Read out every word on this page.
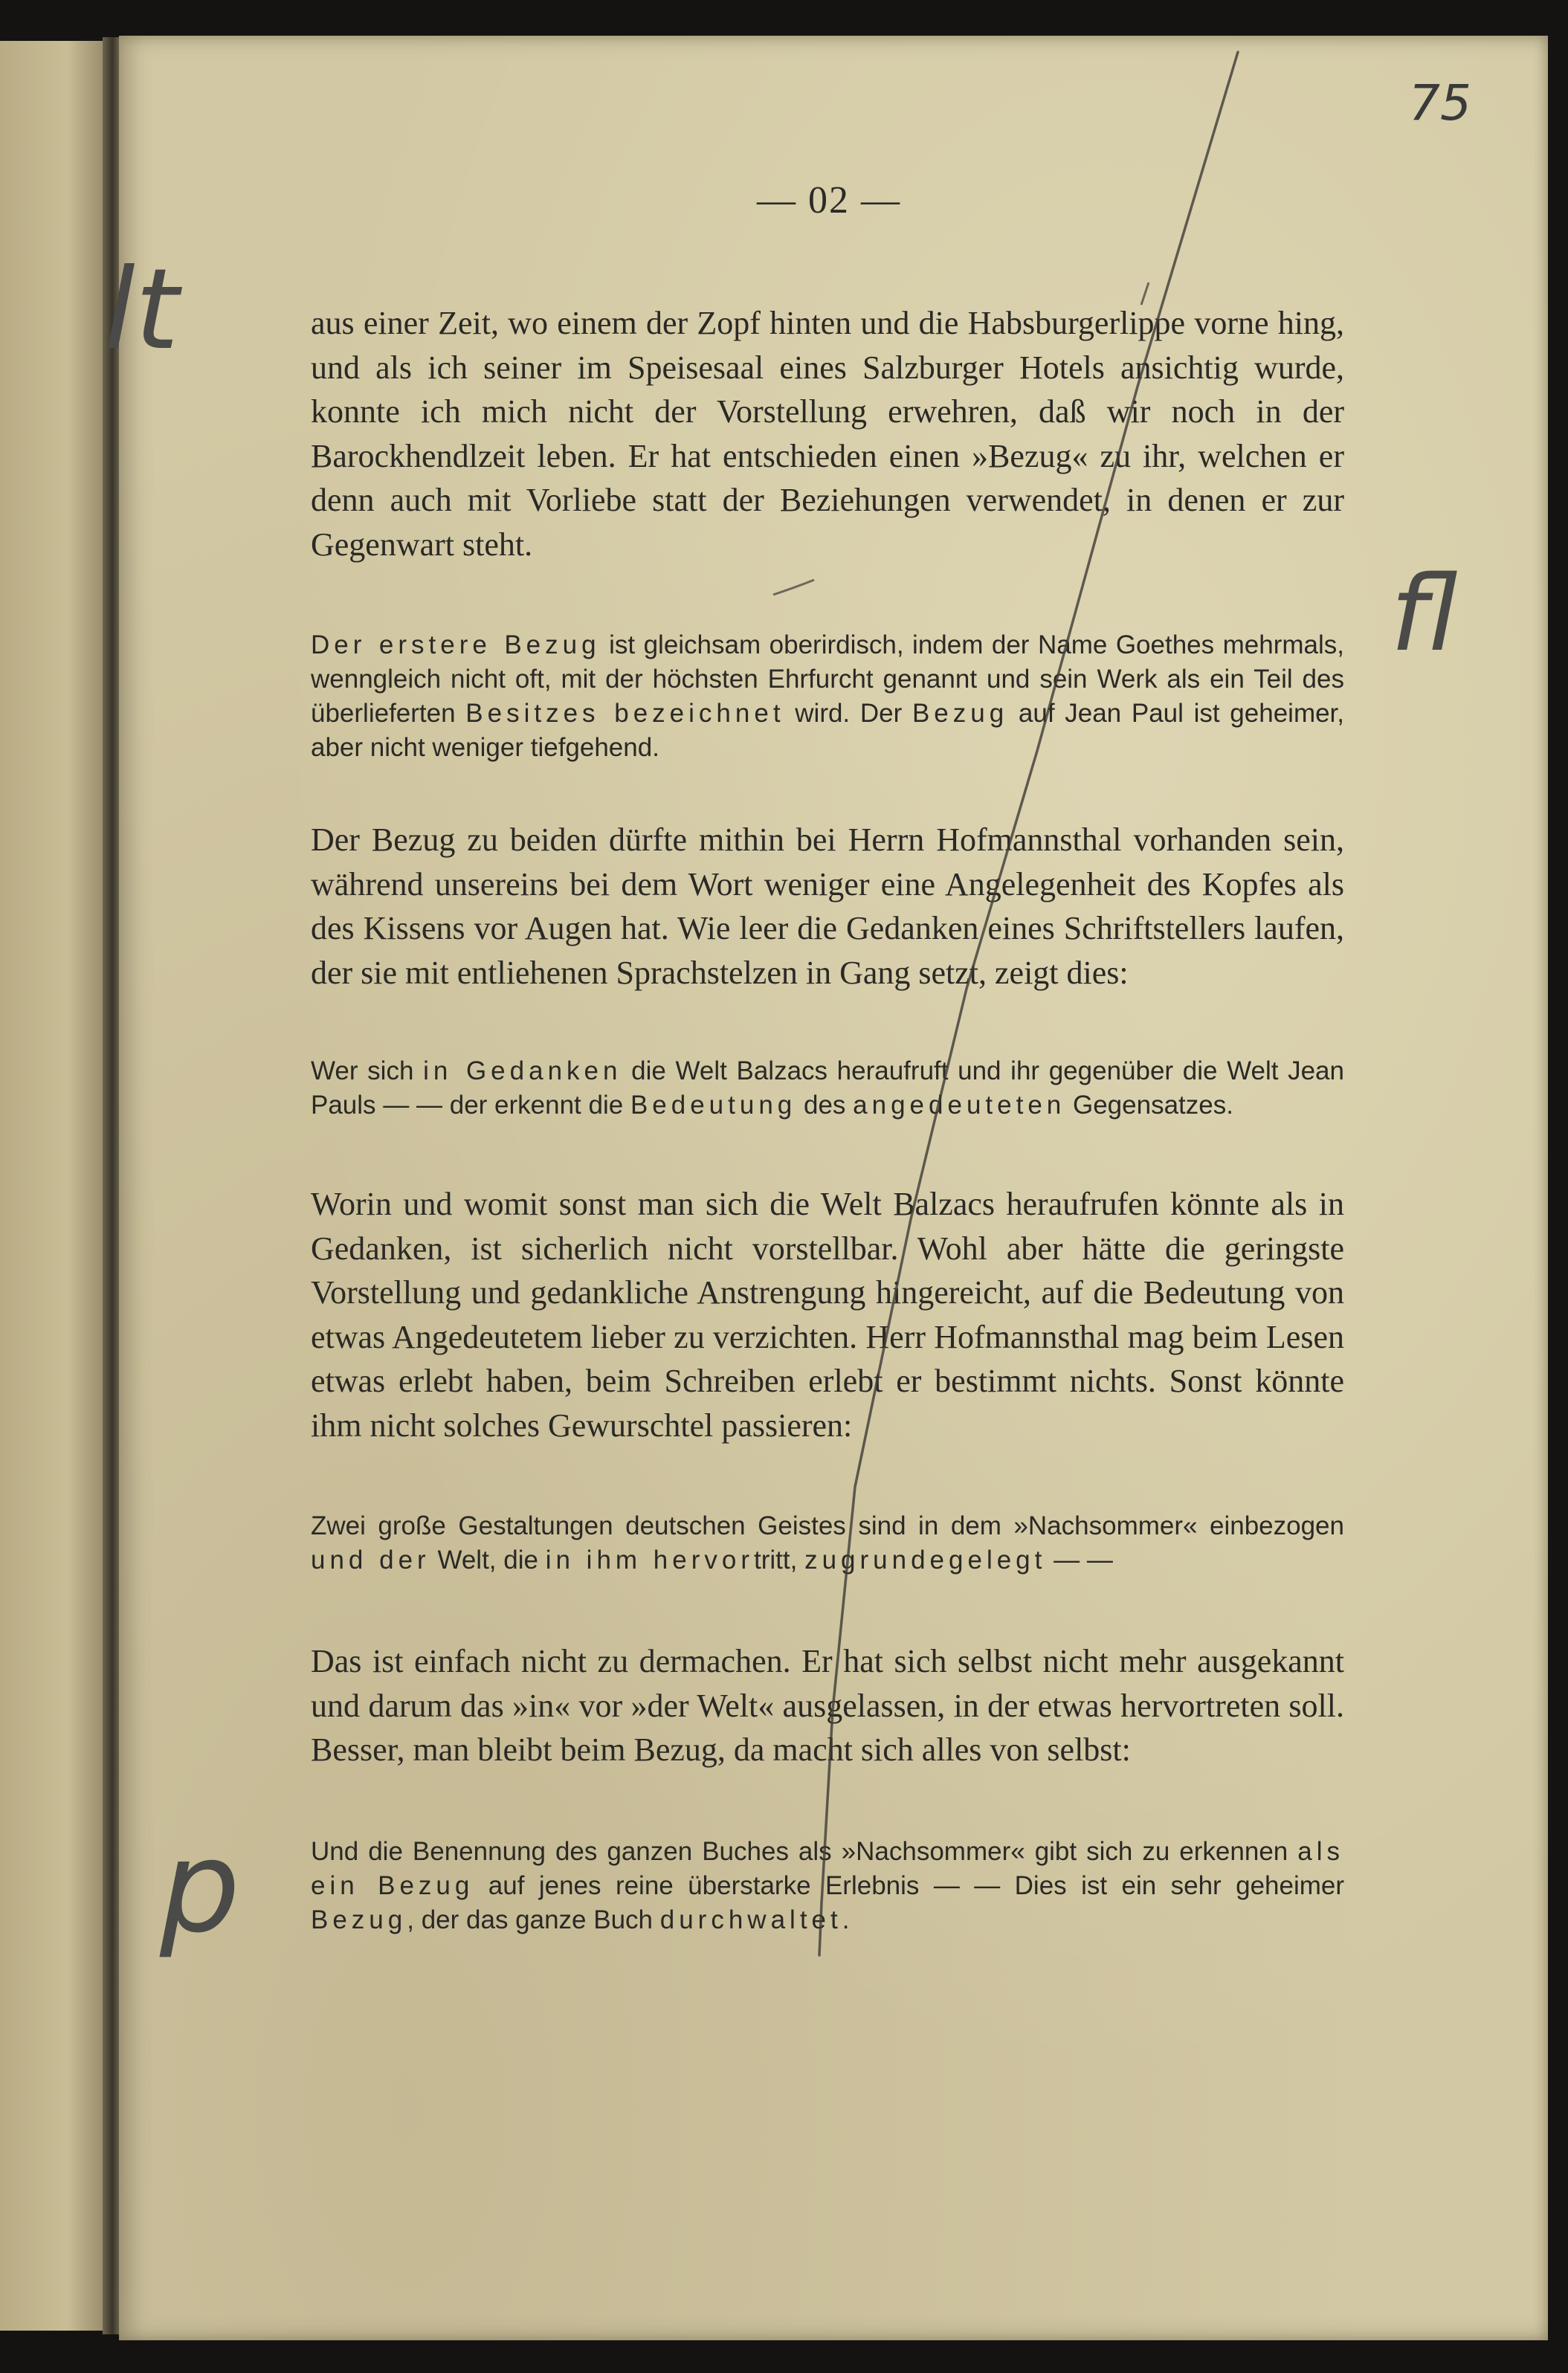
— 02 —
75
aus einer Zeit, wo einem der Zopf hinten und die Habsburgerlippe vorne hing, und als ich seiner im Speisesaal eines Salzburger Hotels ansichtig wurde, konnte ich mich nicht der Vorstellung erwehren, daß wir noch in der Barockhendlzeit leben. Er hat entschieden einen »Bezug« zu ihr, welchen er denn auch mit Vorliebe statt der Beziehungen verwendet, in denen er zur Gegenwart steht.
Der erstere Bezug ist gleichsam oberirdisch, indem der Name Goethes mehrmals, wenngleich nicht oft, mit der höchsten Ehrfurcht genannt und sein Werk als ein Teil des überlieferten Besitzes bezeichnet wird. Der Bezug auf Jean Paul ist geheimer, aber nicht weniger tiefgehend.
Der Bezug zu beiden dürfte mithin bei Herrn Hofmannsthal vorhanden sein, während unsereins bei dem Wort weniger eine Angelegenheit des Kopfes als des Kissens vor Augen hat. Wie leer die Gedanken eines Schriftstellers laufen, der sie mit entliehenen Sprachstelzen in Gang setzt, zeigt dies:
Wer sich in Gedanken die Welt Balzacs heraufruft und ihr gegenüber die Welt Jean Pauls — — der erkennt die Bedeutung des angedeuteten Gegensatzes.
Worin und womit sonst man sich die Welt Balzacs heraufrufen könnte als in Gedanken, ist sicherlich nicht vorstellbar. Wohl aber hätte die geringste Vorstellung und gedankliche Anstrengung hingereicht, auf die Bedeutung von etwas Angedeutetem lieber zu verzichten. Herr Hofmannsthal mag beim Lesen etwas erlebt haben, beim Schreiben erlebt er bestimmt nichts. Sonst könnte ihm nicht solches Gewurschtel passieren:
Zwei große Gestaltungen deutschen Geistes sind in dem »Nachsommer« einbezogen und der Welt, die in ihm hervortritt, zugrundegelegt — —
Das ist einfach nicht zu dermachen. Er hat sich selbst nicht mehr ausgekannt und darum das »in« vor »der Welt« ausgelassen, in der etwas hervortreten soll. Besser, man bleibt beim Bezug, da macht sich alles von selbst:
Und die Benennung des ganzen Buches als »Nachsommer« gibt sich zu erkennen als ein Bezug auf jenes reine überstarke Erlebnis — — Dies ist ein sehr geheimer Bezug, der das ganze Buch durchwaltet.
lt
fl
p
